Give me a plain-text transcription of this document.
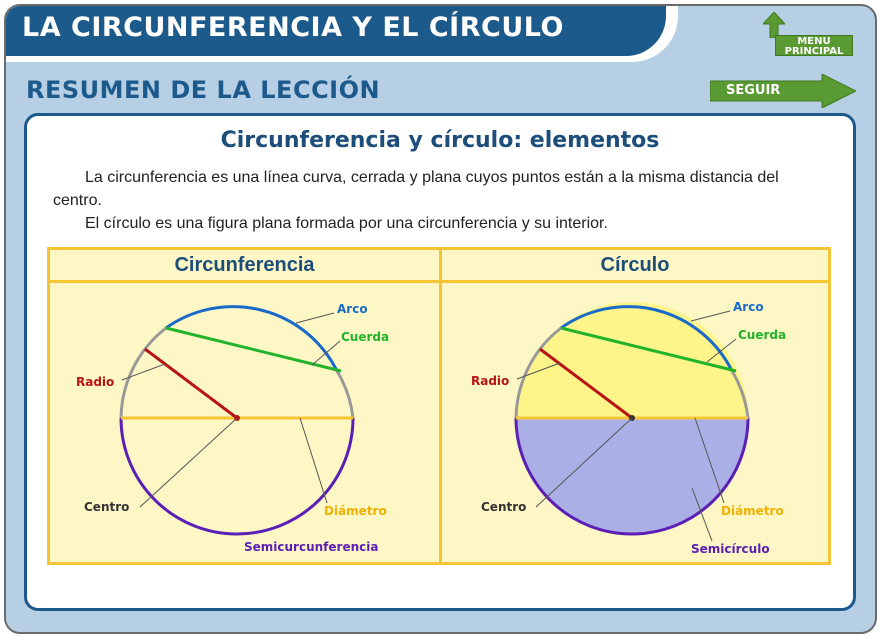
LA CIRCUNFERENCIA Y EL CÍRCULO	MENU
PRINCIPAL
RESUMEN DE LA LECCIÓN	SEGUIR
Circunferencia y círculo: elementos
La circunferencia es una línea curva, cerrada y plana cuyos puntos están a la misma distancia del centro.
El círculo es una figura plana formada por una circunferencia y su interior.
Circunferencia
Arco
Cuerda
Radio
Centro	Diámetro
Semicurcunferencia
Círculo
Arco
Cuerda
Radio
Centro	Diámetro
Semicírculo
